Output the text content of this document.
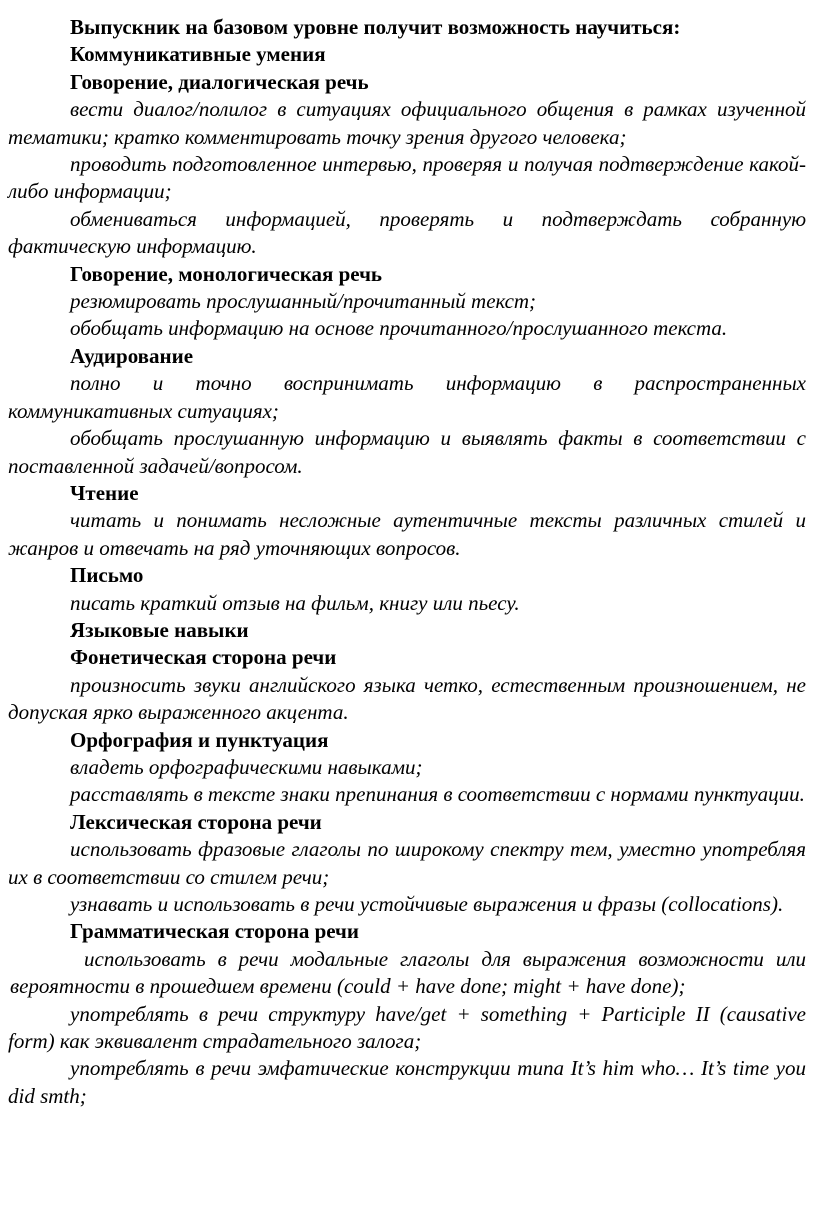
Выпускник на базовом уровне получит возможность научиться:
Коммуникативные умения
Говорение, диалогическая речь
вести диалог/полилог в ситуациях официального общения в рамках изученной тематики; кратко комментировать точку зрения другого человека;
проводить подготовленное интервью, проверяя и получая подтверждение какой-либо информации;
обмениваться информацией, проверять и подтверждать собранную фактическую информацию.
Говорение, монологическая речь
резюмировать прослушанный/прочитанный текст;
обобщать информацию на основе прочитанного/прослушанного текста.
Аудирование
полно и точно воспринимать информацию в распространенных коммуникативных ситуациях;
обобщать прослушанную информацию и выявлять факты в соответствии с поставленной задачей/вопросом.
Чтение
читать и понимать несложные аутентичные тексты различных стилей и жанров и отвечать на ряд уточняющих вопросов.
Письмо
писать краткий отзыв на фильм, книгу или пьесу.
Языковые навыки
Фонетическая сторона речи
произносить звуки английского языка четко, естественным произношением, не допуская ярко выраженного акцента.
Орфография и пунктуация
владеть орфографическими навыками;
расставлять в тексте знаки препинания в соответствии с нормами пунктуации.
Лексическая сторона речи
использовать фразовые глаголы по широкому спектру тем, уместно употребляя их в соответствии со стилем речи;
узнавать и использовать в речи устойчивые выражения и фразы (collocations).
Грамматическая сторона речи
использовать в речи модальные глаголы для выражения возможности или вероятности в прошедшем времени (could + have done; might + have done);
употреблять в речи структуру have/get + something + Participle II (causative form) как эквивалент страдательного залога;
употреблять в речи эмфатические конструкции типа It’s him who… It’s time you did smth;
